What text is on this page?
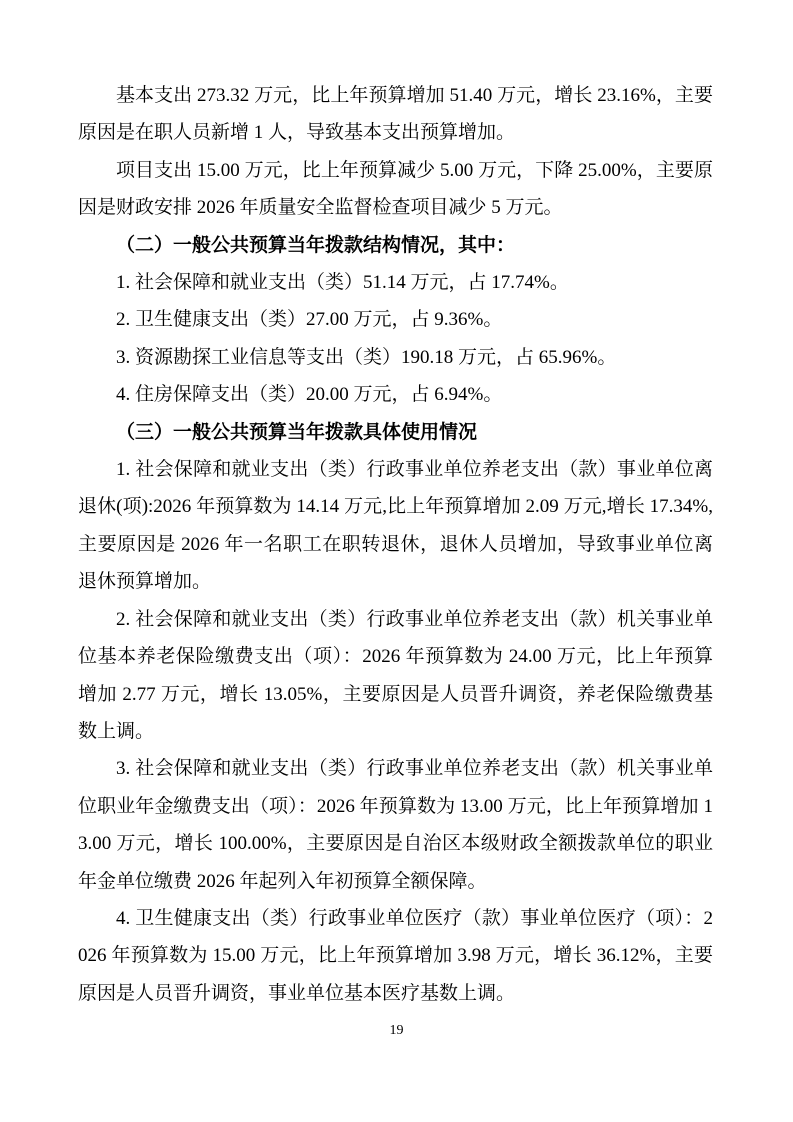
基本支出 273.32 万元，比上年预算增加 51.40 万元，增长 23.16%，主要原因是在职人员新增 1 人，导致基本支出预算增加。

项目支出 15.00 万元，比上年预算减少 5.00 万元，下降 25.00%，主要原因是财政安排 2026 年质量安全监督检查项目减少 5 万元。

（二）一般公共预算当年拨款结构情况，其中：

1. 社会保障和就业支出（类）51.14 万元，占 17.74%。

2. 卫生健康支出（类）27.00 万元，占 9.36%。

3. 资源勘探工业信息等支出（类）190.18 万元，占 65.96%。

4. 住房保障支出（类）20.00 万元，占 6.94%。

（三）一般公共预算当年拨款具体使用情况

1. 社会保障和就业支出（类）行政事业单位养老支出（款）事业单位离退休(项):2026 年预算数为 14.14 万元,比上年预算增加 2.09 万元,增长 17.34%,主要原因是 2026 年一名职工在职转退休，退休人员增加，导致事业单位离退休预算增加。

2. 社会保障和就业支出（类）行政事业单位养老支出（款）机关事业单位基本养老保险缴费支出（项）：2026 年预算数为 24.00 万元，比上年预算增加 2.77 万元，增长 13.05%，主要原因是人员晋升调资，养老保险缴费基数上调。

3. 社会保障和就业支出（类）行政事业单位养老支出（款）机关事业单位职业年金缴费支出（项）：2026 年预算数为 13.00 万元，比上年预算增加 13.00 万元，增长 100.00%，主要原因是自治区本级财政全额拨款单位的职业年金单位缴费 2026 年起列入年初预算全额保障。

4. 卫生健康支出（类）行政事业单位医疗（款）事业单位医疗（项）：2026 年预算数为 15.00 万元，比上年预算增加 3.98 万元，增长 36.12%，主要原因是人员晋升调资，事业单位基本医疗基数上调。

19
